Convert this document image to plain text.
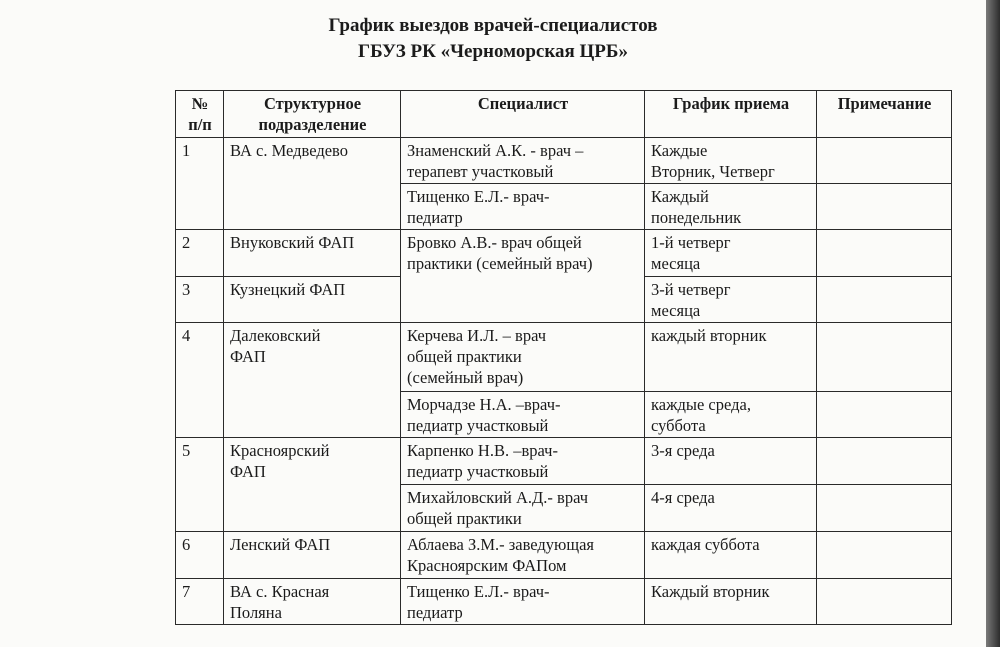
График выездов врачей-специалистов
ГБУЗ РК «Черноморская ЦРБ»
№
п/п	Структурное
подразделение	Специалист	График приема	Примечание

1	ВА с. Медведево	Знаменский А.К. - врач –
терапевт участковый	Каждые
Вторник, Четверг	

		Тищенко Е.Л.- врач-
педиатр	Каждый
понедельник	

2	Внуковский ФАП	Бровко А.В.- врач общей
практики (семейный врач)	1-й четверг
месяца	

3	Кузнецкий ФАП		3-й четверг
месяца	

4	Далековский
ФАП	Керчева И.Л. – врач
общей практики
(семейный врач)	каждый вторник	

		Морчадзе Н.А. –врач-
педиатр участковый	каждые среда,
суббота	

5	Красноярский
ФАП	Карпенко Н.В. –врач-
педиатр участковый	3-я среда	

		Михайловский А.Д.- врач
общей практики	4-я среда	

6	Ленский ФАП	Аблаева З.М.- заведующая
Красноярским ФАПом	каждая суббота	

7	ВА с. Красная
Поляна	Тищенко Е.Л.- врач-
педиатр	Каждый вторник	
